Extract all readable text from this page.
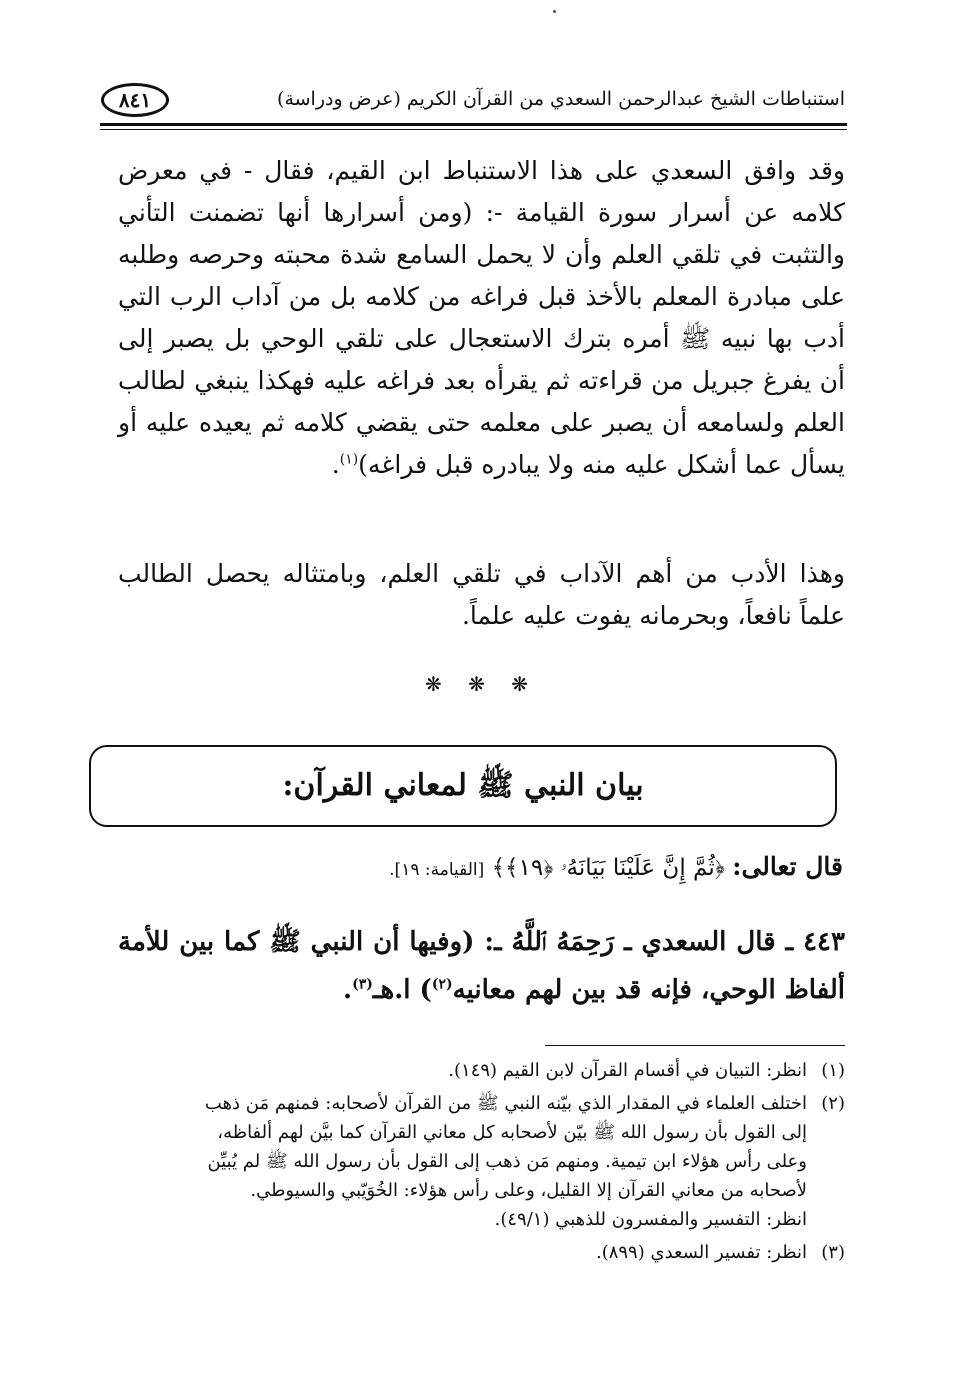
استنباطات الشيخ عبدالرحمن السعدي من القرآن الكريم (عرض ودراسة)
٨٤١

وقد وافق السعدي على هذا الاستنباط ابن القيم، فقال - في معرض كلامه عن أسرار سورة القيامة -: (ومن أسرارها أنها تضمنت التأني والتثبت في تلقي العلم وأن لا يحمل السامع شدة محبته وحرصه وطلبه على مبادرة المعلم بالأخذ قبل فراغه من كلامه بل من آداب الرب التي أدب بها نبيه ﷺ أمره بترك الاستعجال على تلقي الوحي بل يصبر إلى أن يفرغ جبريل من قراءته ثم يقرأه بعد فراغه عليه فهكذا ينبغي لطالب العلم ولسامعه أن يصبر على معلمه حتى يقضي كلامه ثم يعيده عليه أو يسأل عما أشكل عليه منه ولا يبادره قبل فراغه)$^{(١)}$.

وهذا الأدب من أهم الآداب في تلقي العلم، وبامتثاله يحصل الطالب علماً نافعاً، وبحرمانه يفوت عليه علماً.

❋ ❋ ❋
بيان النبي ﷺ لمعاني القرآن:
قال تعالى: ﴿ثُمَّ إِنَّ عَلَيْنَا بَيَانَهُۥ ﴿١٩﴾﴾ [القيامة: ١٩].

٤٤٣ ـ قال السعدي ـ رَحِمَهُ ٱللَّهُ ـ: (وفيها أن النبي ﷺ كما بين للأمة ألفاظ الوحي، فإنه قد بين لهم معانيه$^{(٢)}$) ا.هـ$^{(٣)}$.

(١)
انظر: التبيان في أقسام القرآن لابن القيم (١٤٩).
(٢)
اختلف العلماء في المقدار الذي بيّنه النبي ﷺ من القرآن لأصحابه: فمنهم مَن ذهب
إلى القول بأن رسول الله ﷺ بيّن لأصحابه كل معاني القرآن كما بيَّن لهم ألفاظه،
وعلى رأس هؤلاء ابن تيمية. ومنهم مَن ذهب إلى القول بأن رسول الله ﷺ لم يُبيِّن
لأصحابه من معاني القرآن إلا القليل، وعلى رأس هؤلاء: الخُوَيّبي والسيوطي.
انظر: التفسير والمفسرون للذهبي (٤٩/١).
(٣)
انظر: تفسير السعدي (٨٩٩).
